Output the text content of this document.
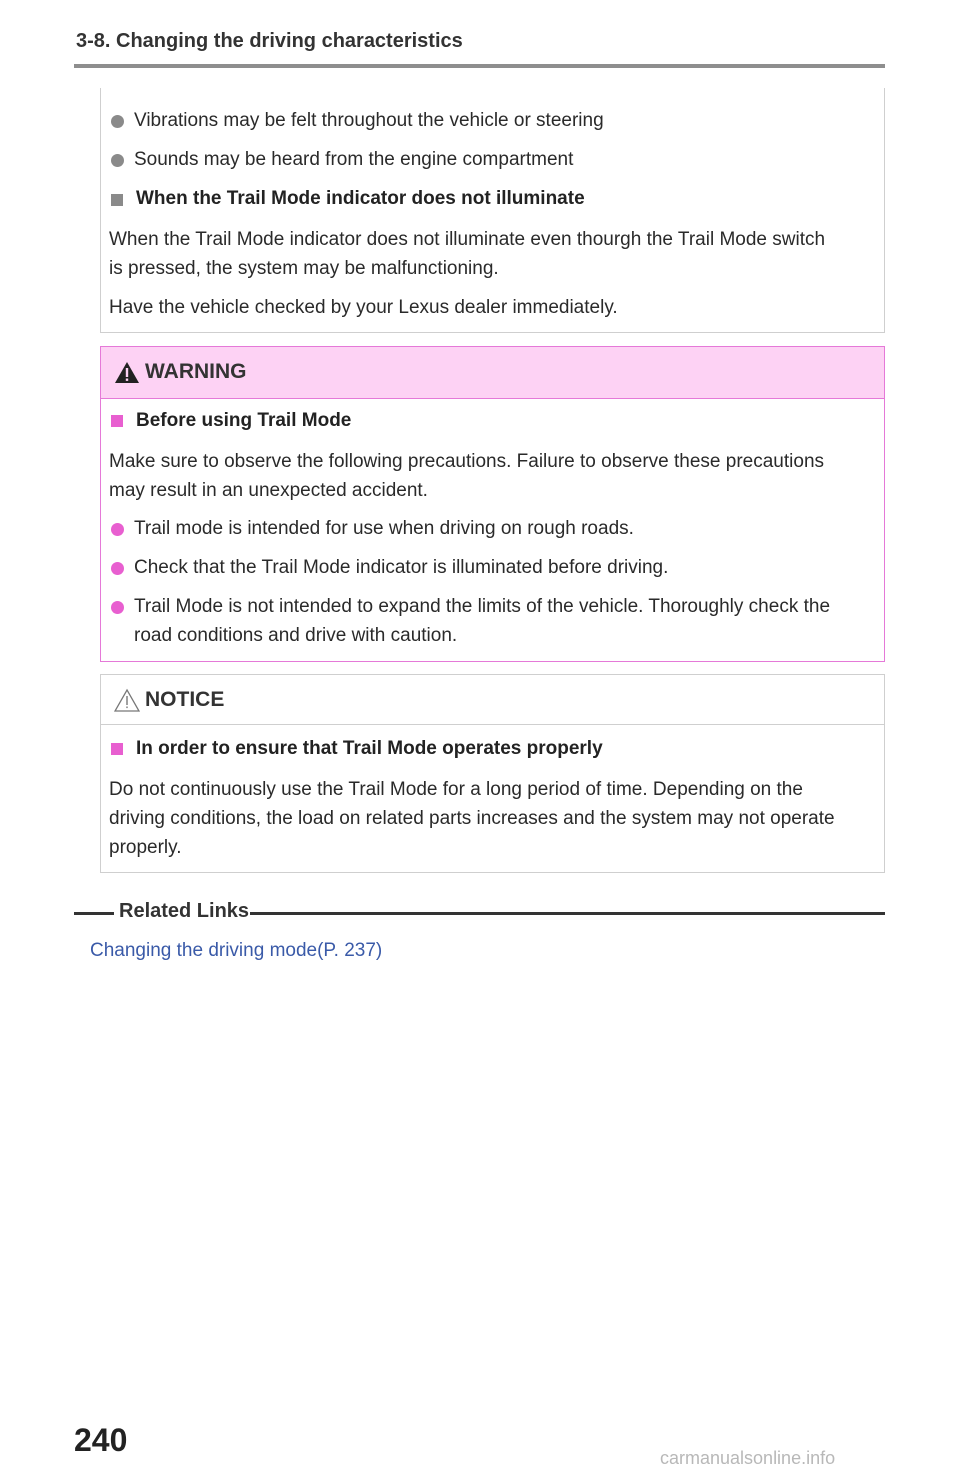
3-8. Changing the driving characteristics
Vibrations may be felt throughout the vehicle or steering
Sounds may be heard from the engine compartment
When the Trail Mode indicator does not illuminate
When the Trail Mode indicator does not illuminate even thourgh the Trail Mode switch
is pressed, the system may be malfunctioning.
Have the vehicle checked by your Lexus dealer immediately.
WARNING
Before using Trail Mode
Make sure to observe the following precautions. Failure to observe these precautions
may result in an unexpected accident.
Trail mode is intended for use when driving on rough roads.
Check that the Trail Mode indicator is illuminated before driving.
Trail Mode is not intended to expand the limits of the vehicle. Thoroughly check the
road conditions and drive with caution.
NOTICE
In order to ensure that Trail Mode operates properly
Do not continuously use the Trail Mode for a long period of time. Depending on the
driving conditions, the load on related parts increases and the system may not operate
properly.
Related Links
Changing the driving mode(P. 237)
240	carmanualsonline.info
